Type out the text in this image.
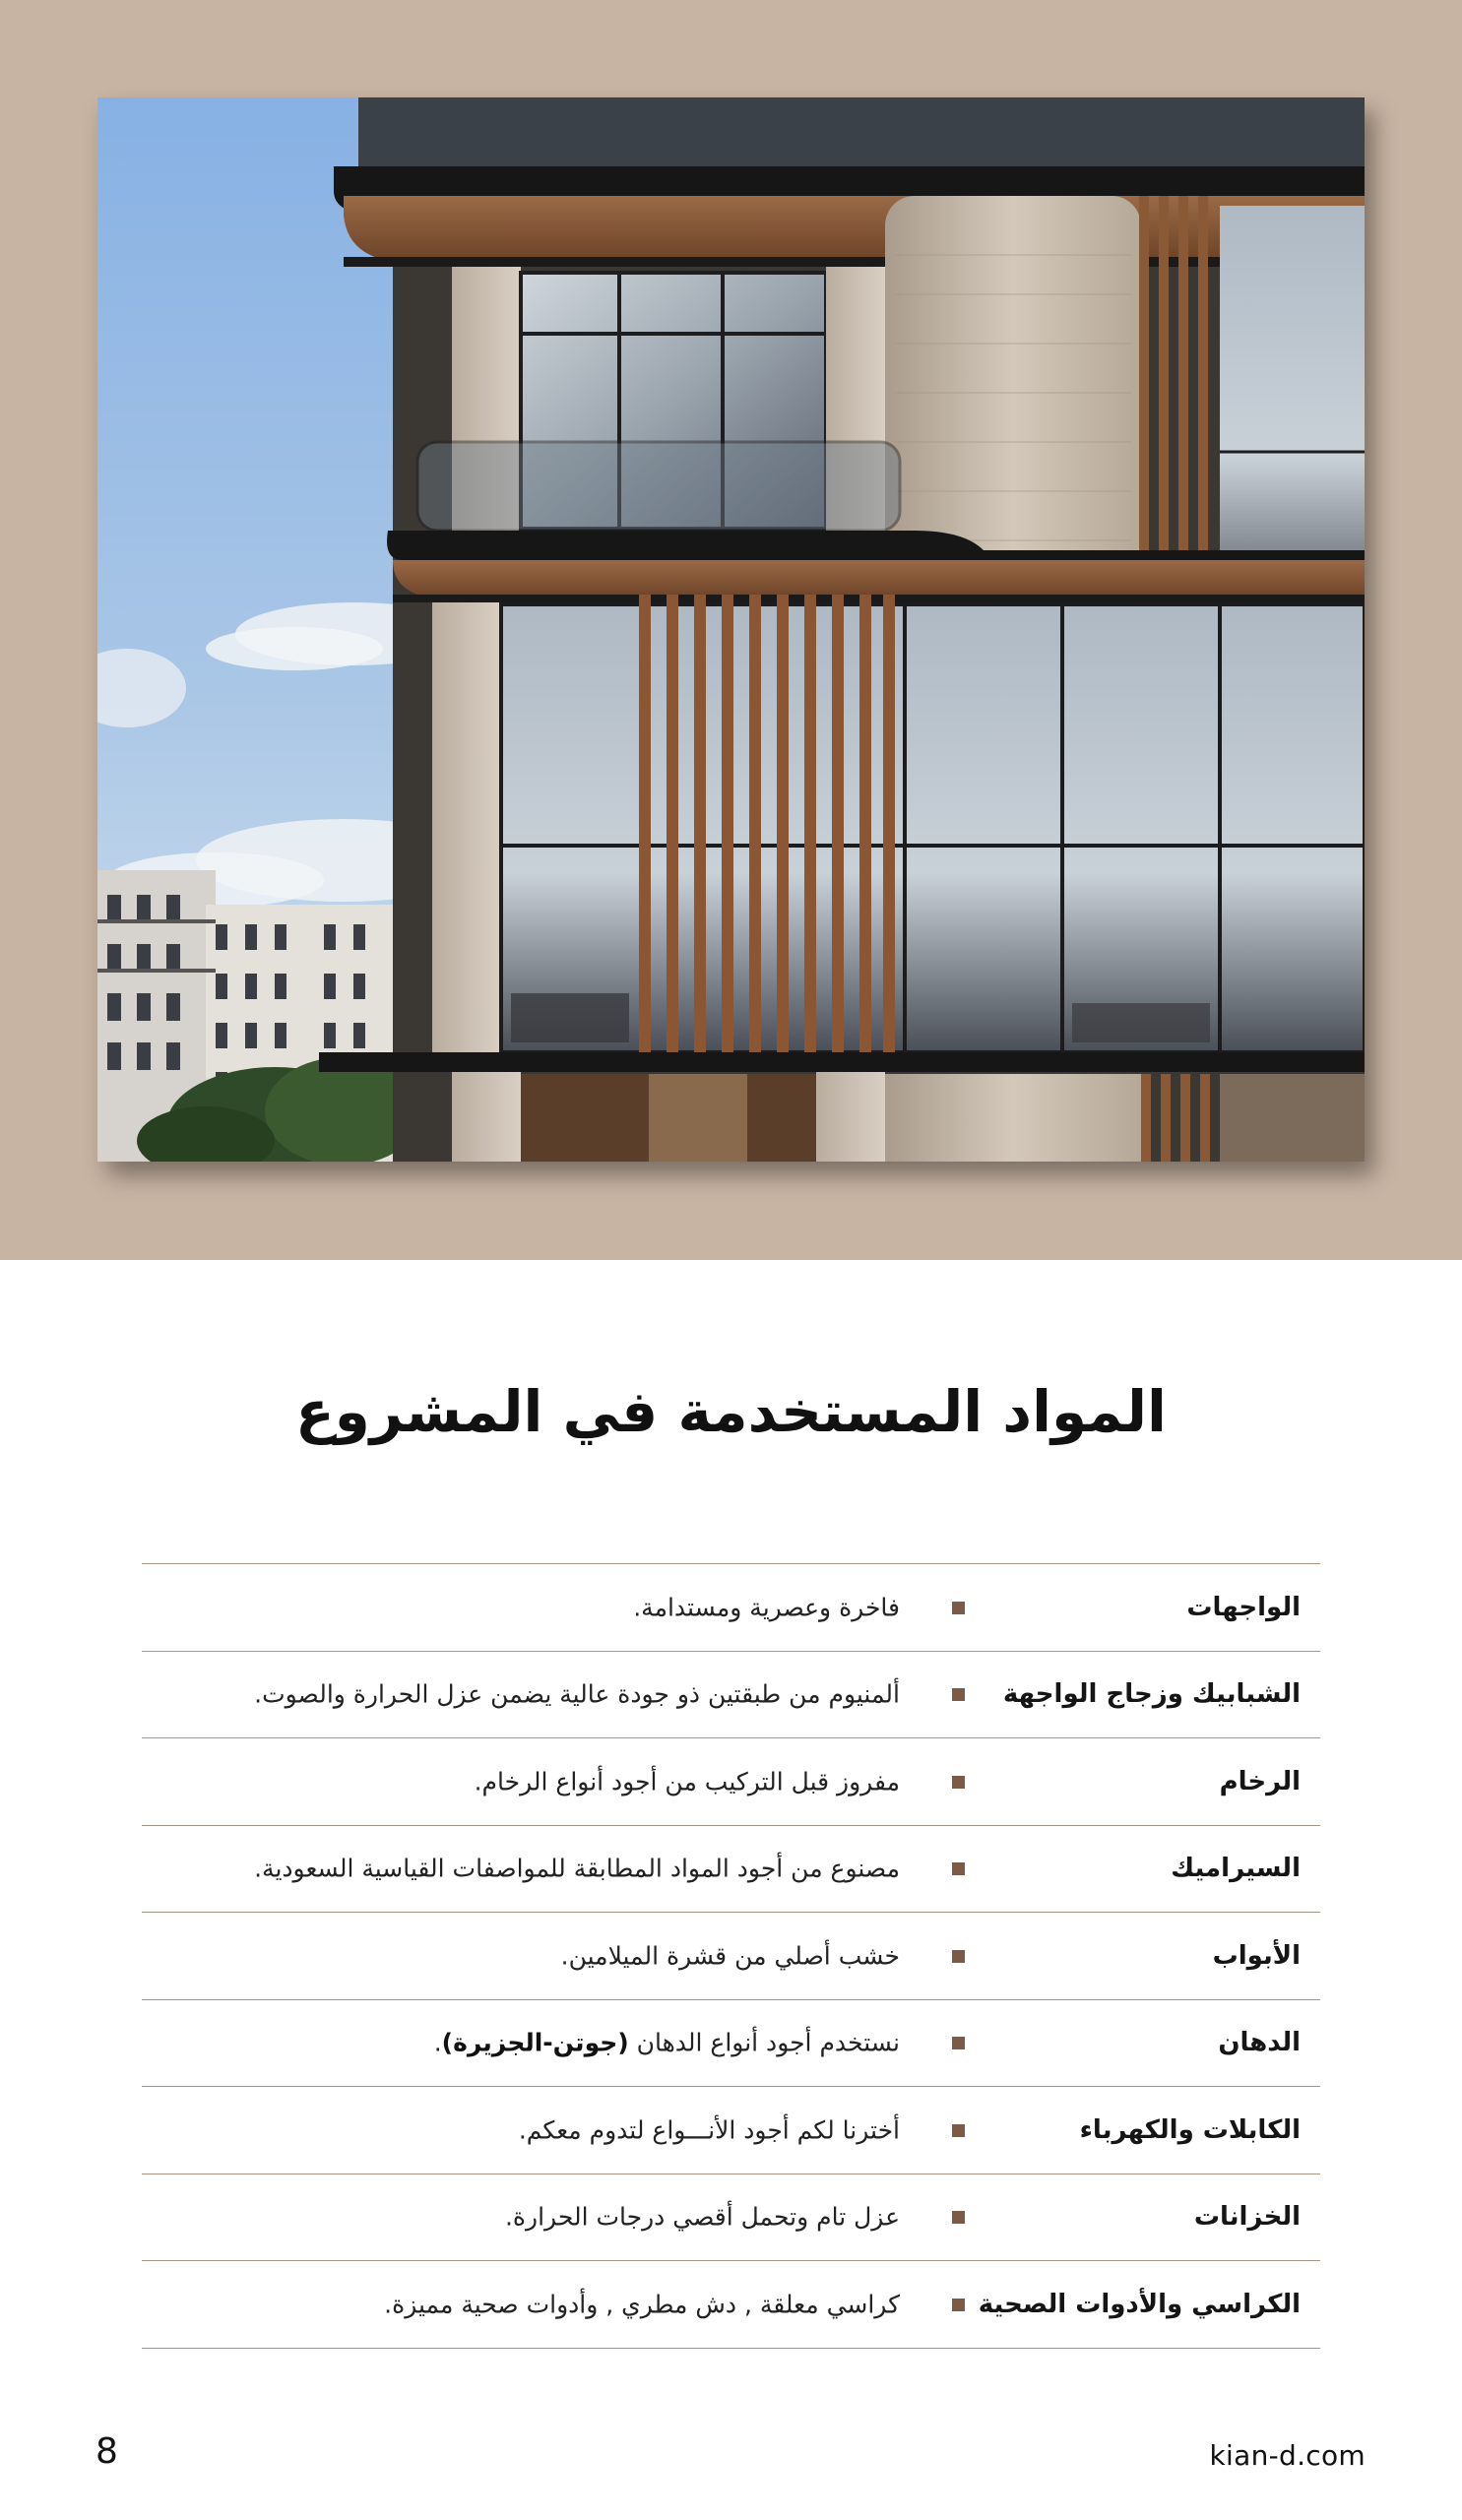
المواد المستخدمة في المشروع
الواجهات
فاخرة وعصرية ومستدامة.
الشبابيك وزجاج الواجهة
ألمنيوم من طبقتين ذو جودة عالية يضمن عزل الحرارة والصوت.
الرخام
مفروز قبل التركيب من أجود أنواع الرخام.
السيراميك
مصنوع من أجود المواد المطابقة للمواصفات القياسية السعودية.
الأبواب
خشب أصلي من قشرة الميلامين.
الدهان
نستخدم أجود أنواع الدهان (جوتن-الجزيرة).
الكابلات والكهرباء
أخترنا لكم أجود الأنـــواع لتدوم معكم.
الخزانات
عزل تام وتحمل أقصي درجات الحرارة.
الكراسي والأدوات الصحية
كراسي معلقة , دش مطري , وأدوات صحية مميزة.
8	kian-d.com
